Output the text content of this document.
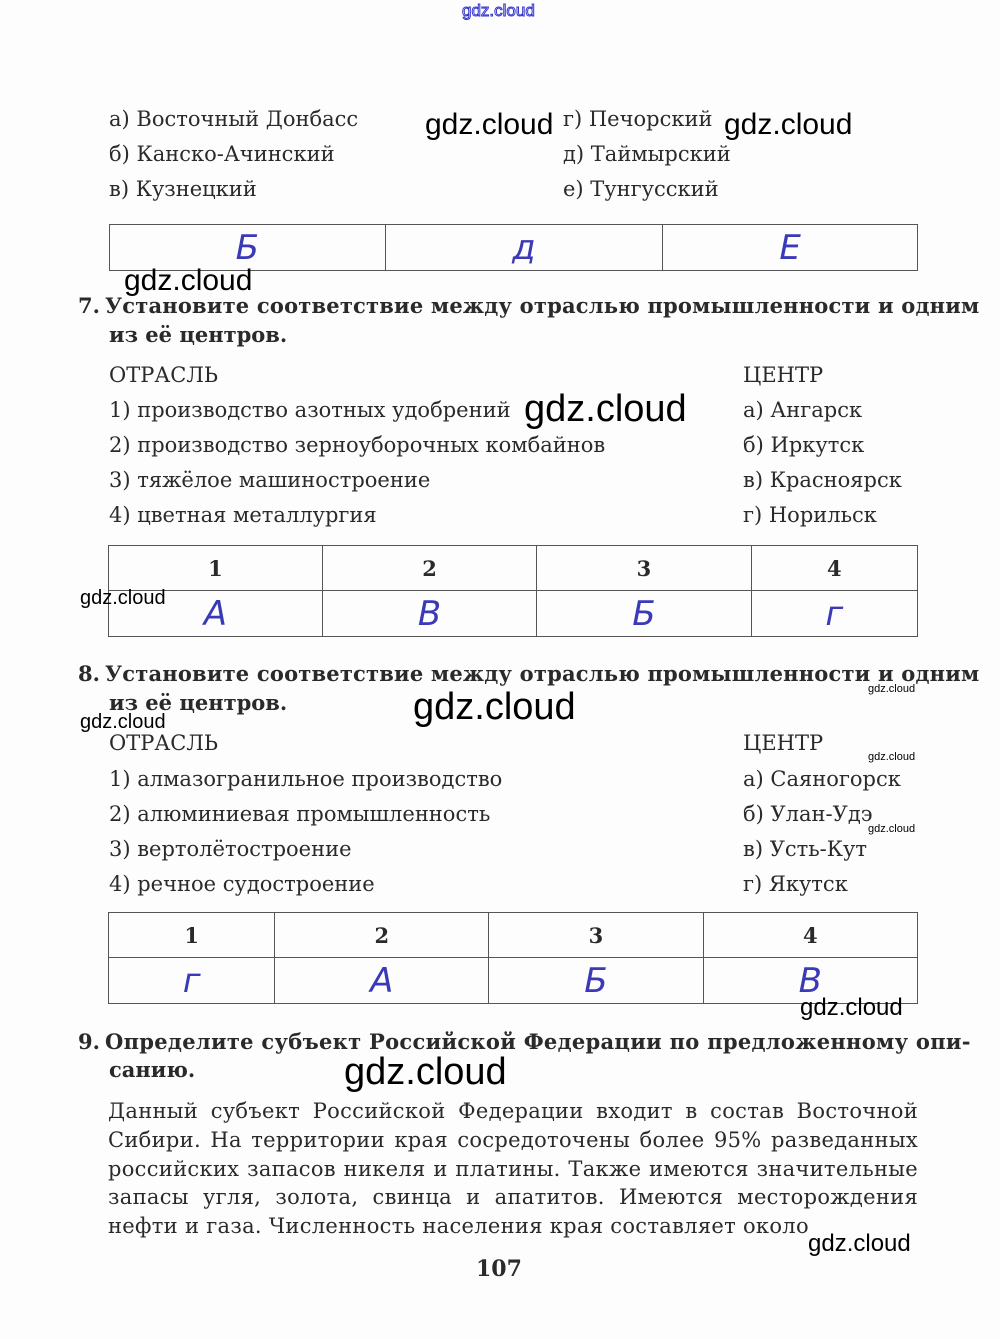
gdz.cloud
а) Восточный Донбасс
б) Канско-Ачинский
в) Кузнецкий
г) Печорский
д) Таймырский
е) Тунгусский
Б	д	Е
7. Установите соответствие между отраслью промышленности и одним
из её центров.
ОТРАСЛЬ	ЦЕНТР
1) производство азотных удобрений
2) производство зерноуборочных комбайнов
3) тяжёлое машиностроение
4) цветная металлургия
а) Ангарск
б) Иркутск
в) Красноярск
г) Норильск
1	2	3	4
А	В	Б	г
8. Установите соответствие между отраслью промышленности и одним
из её центров.
ОТРАСЛЬ	ЦЕНТР
1) алмазогранильное производство
2) алюминиевая промышленность
3) вертолётостроение
4) речное судостроение
а) Саяногорск
б) Улан-Удэ
в) Усть-Кут
г) Якутск
1	2	3	4
г	А	Б	В
9. Определите субъект Российской Федерации по предложенному опи-
санию.
Данный субъект Российской Федерации входит в состав Восточной Сибири. На территории края сосредоточены более 95% разведанных российских запасов никеля и платины. Также имеются значительные запасы угля, золота, свинца и апатитов. Имеются месторождения нефти и газа. Численность населения края составляет около
107
gdz.cloud	gdz.cloud
gdz.cloud
gdz.cloud
gdz.cloud
gdz.cloud
gdz.cloud
gdz.cloud
gdz.cloud
gdz.cloud
gdz.cloud
gdz.cloud
gdz.cloud
